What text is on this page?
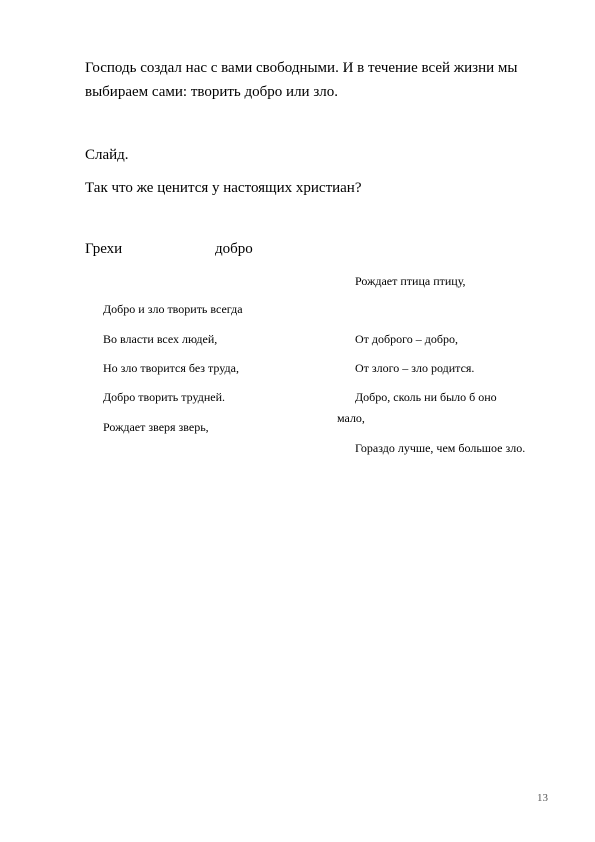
Господь создал нас с вами свободными. И в течение всей жизни мы
выбираем сами: творить добро или зло.
Слайд.
Так что же ценится у настоящих христиан?
Грехи	добро
Добро и зло творить всегда
Во власти всех людей,
Но зло творится без труда,
Добро творить трудней.
Рождает зверя зверь,
Рождает птица птицу,
От доброго – добро,
От злого – зло родится.
Добро, сколь ни было б оно
мало,
Гораздо лучше, чем большое зло.
13
